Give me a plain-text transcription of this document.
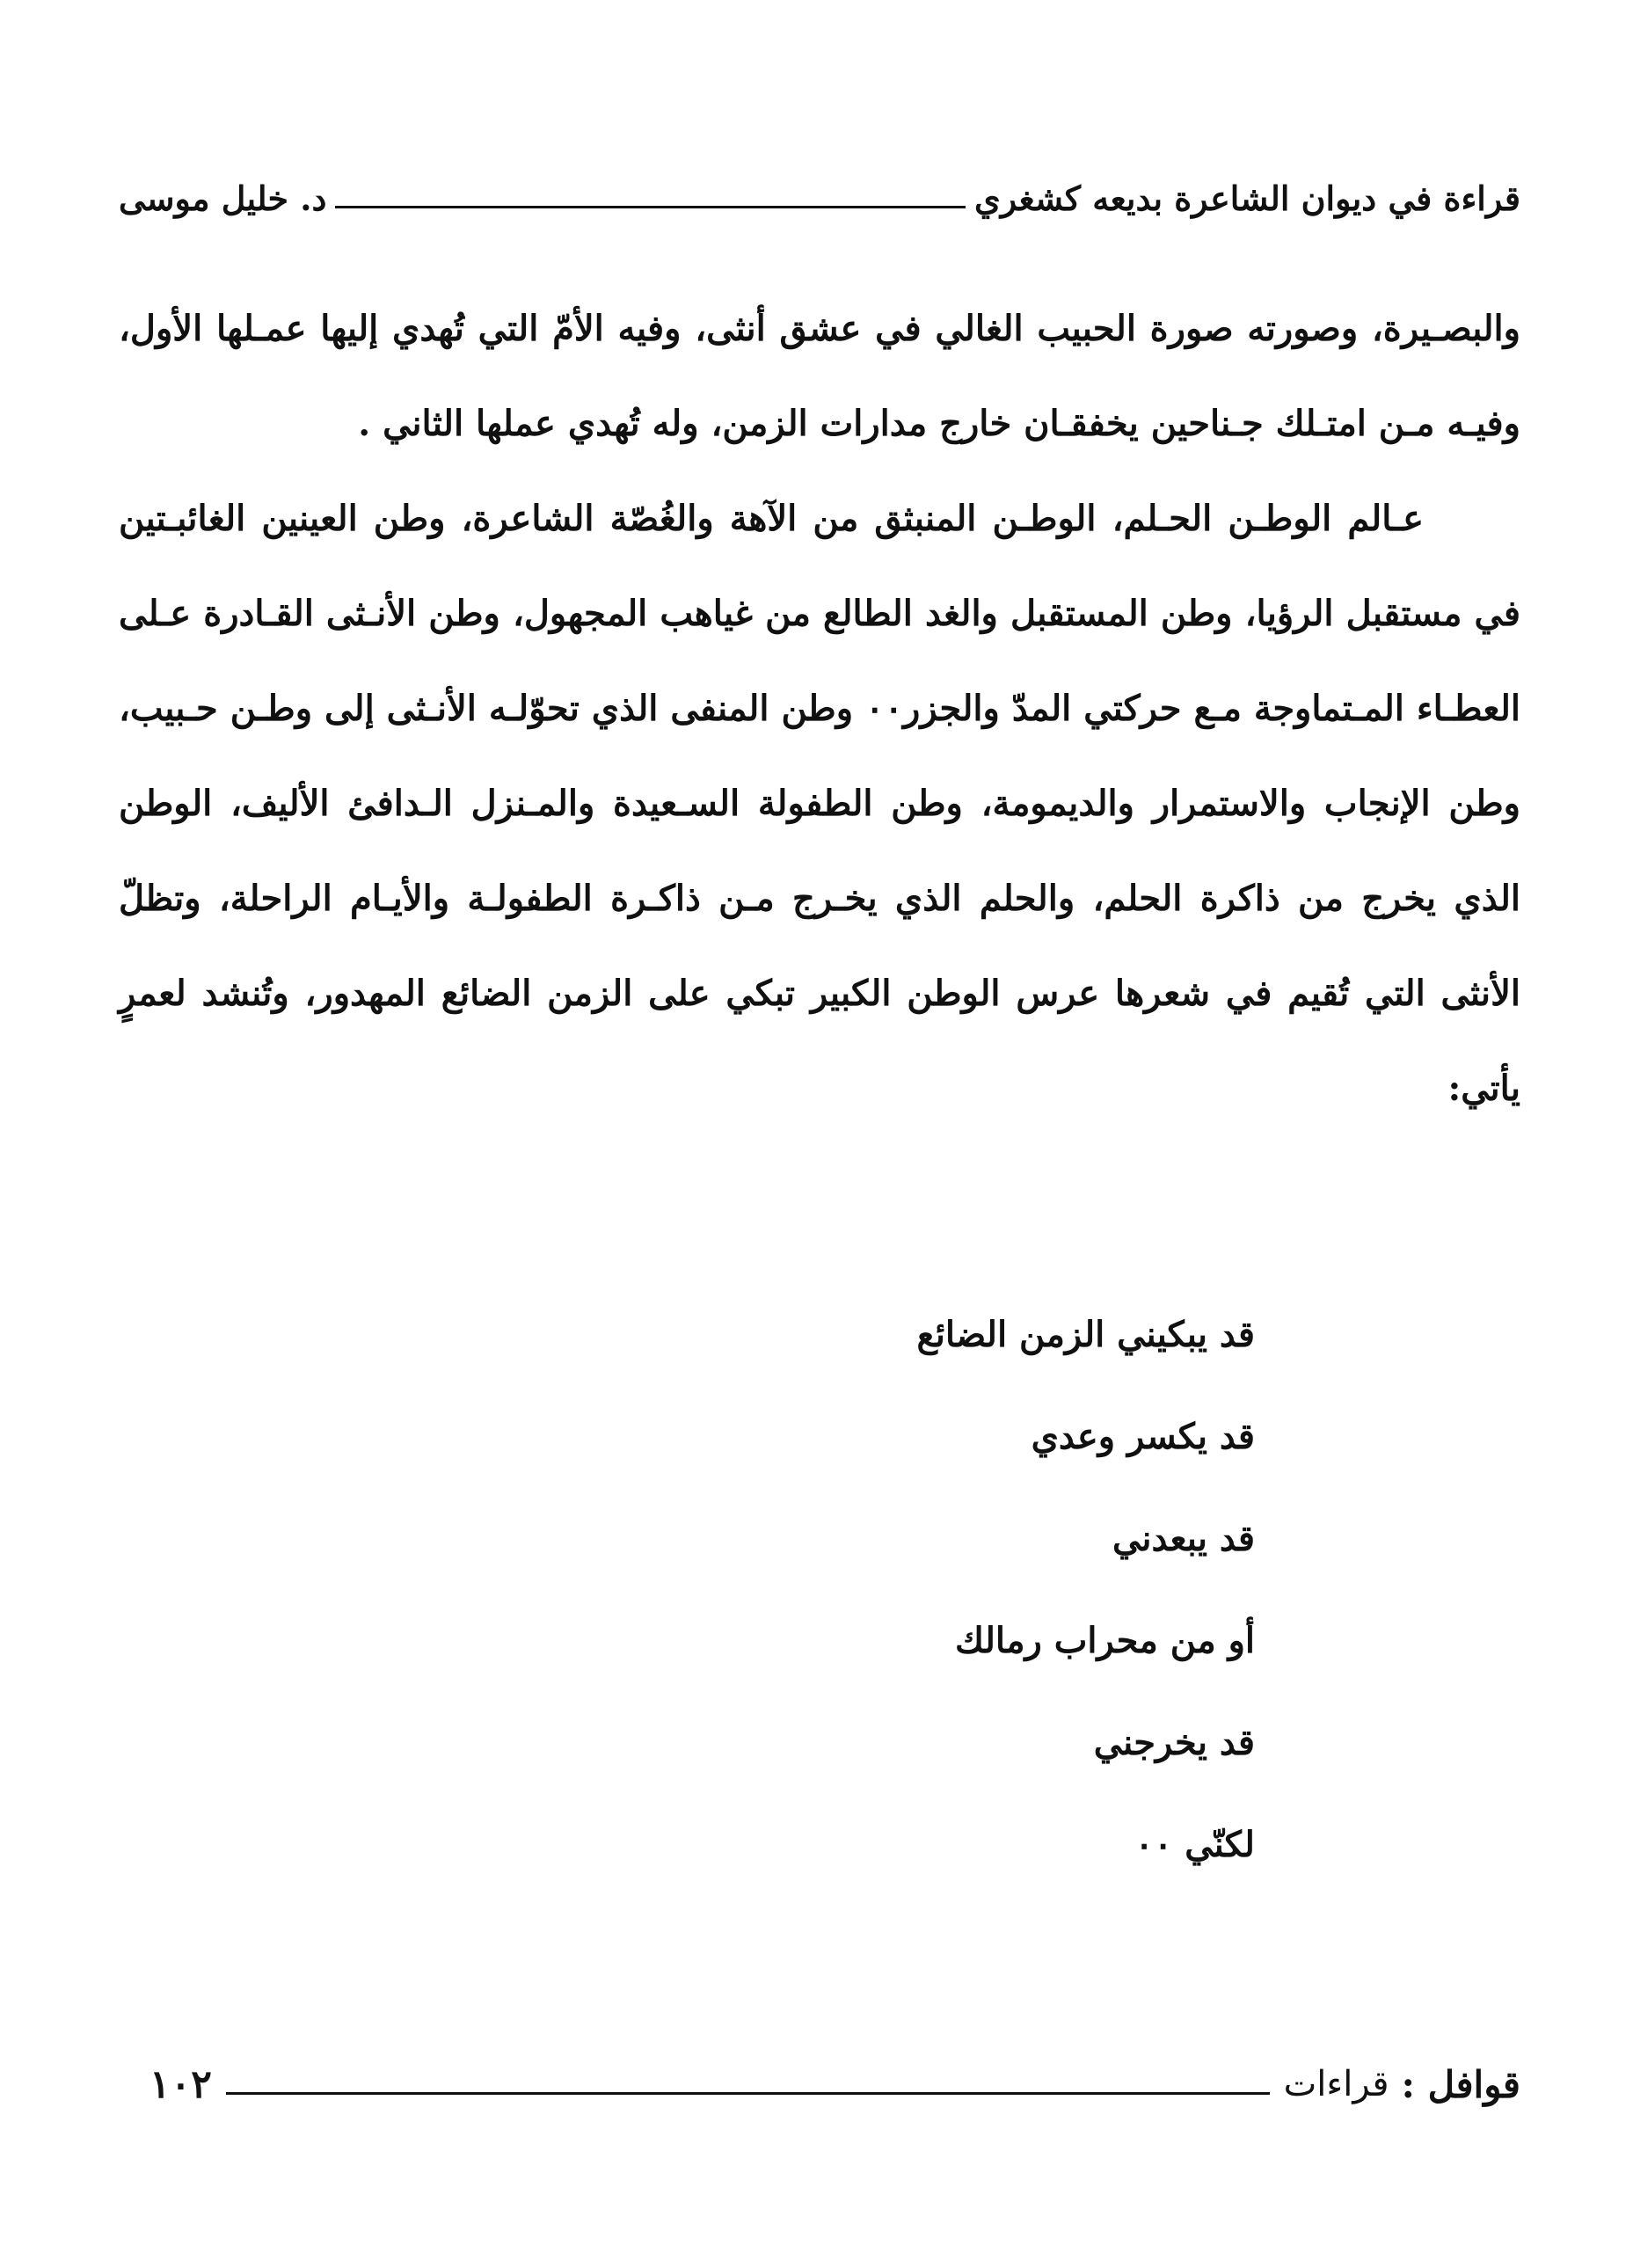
قراءة في ديوان الشاعرة بديعه كشغري
د. خليل موسى

والبصـيرة، وصورته صورة الحبيب الغالي في عشق أنثى، وفيه الأمّ التي تُهدي إليها عمـلها الأول، وفيـه مـن امتـلك جـناحين يخفقـان خارج مدارات الزمن، وله تُهدي عملها الثاني .

عـالم الوطـن الحـلم، الوطـن المنبثق من الآهة والغُصّة الشاعرة، وطن العينين الغائبـتين في مستقبل الرؤيا، وطن المستقبل والغد الطالع من غياهب المجهول، وطن الأنـثى القـادرة عـلى العطـاء المـتماوجة مـع حركتي المدّ والجزر٠٠ وطن المنفى الذي تحوّلـه الأنـثى إلى وطـن حـبيب، وطن الإنجاب والاستمرار والديمومة، وطن الطفولة السـعيدة والمـنزل الـدافئ الأليف، الوطن الذي يخرج من ذاكرة الحلم، والحلم الذي يخـرج مـن ذاكـرة الطفولـة والأيـام الراحلة، وتظلّ الأنثى التي تُقيم في شعرها عرس الوطن الكبير تبكي على الزمن الضائع المهدور، وتُنشد لعمرٍ يأتي:

قد يبكيني الزمن الضائع
قد يكسر وعدي
قد يبعدني
أو من محراب رمالك
قد يخرجني
لكنّي ٠٠
قوافل :
قراءات
١٠٢
